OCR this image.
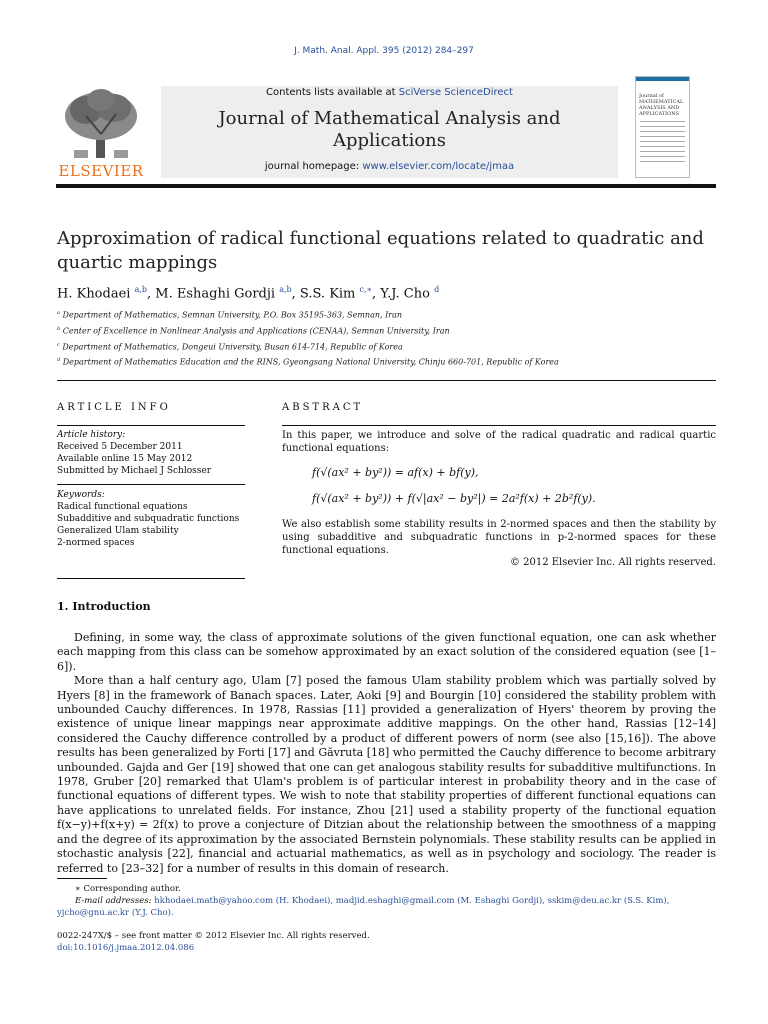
J. Math. Anal. Appl. 395 (2012) 284–297
ELSEVIER
Contents lists available at SciVerse ScienceDirect
Journal of Mathematical Analysis and Applications
journal homepage: www.elsevier.com/locate/jmaa
Journal of MATHEMATICAL ANALYSIS AND APPLICATIONS
Approximation of radical functional equations related to quadratic and quartic mappings
H. Khodaei $^{a,b}$, M. Eshaghi Gordji $^{a,b}$, S.S. Kim $^{c,∗}$, Y.J. Cho $^d$
$^a$ Department of Mathematics, Semnan University, P.O. Box 35195-363, Semnan, Iran
$^b$ Center of Excellence in Nonlinear Analysis and Applications (CENAA), Semnan University, Iran
$^c$ Department of Mathematics, Dongeui University, Busan 614-714, Republic of Korea
$^d$ Department of Mathematics Education and the RINS, Gyeongsang National University, Chinju 660-701, Republic of Korea
ARTICLE INFO
Article history:
Received 5 December 2011
Available online 15 May 2012
Submitted by Michael J Schlosser
Keywords:
Radical functional equations
Subadditive and subquadratic functions
Generalized Ulam stability
2-normed spaces
ABSTRACT
In this paper, we introduce and solve of the radical quadratic and radical quartic functional equations:
f(√(ax² + by²)) = af(x) + bf(y),
f(√(ax² + by²)) + f(√|ax² − by²|) = 2a²f(x) + 2b²f(y).
We also establish some stability results in 2-normed spaces and then the stability by using subadditive and subquadratic functions in p-2-normed spaces for these functional equations.
© 2012 Elsevier Inc. All rights reserved.
1. Introduction

Defining, in some way, the class of approximate solutions of the given functional equation, one can ask whether each mapping from this class can be somehow approximated by an exact solution of the considered equation (see [1–6]).

More than a half century ago, Ulam [7] posed the famous Ulam stability problem which was partially solved by Hyers [8] in the framework of Banach spaces. Later, Aoki [9] and Bourgin [10] considered the stability problem with unbounded Cauchy differences. In 1978, Rassias [11] provided a generalization of Hyers' theorem by proving the existence of unique linear mappings near approximate additive mappings. On the other hand, Rassias [12–14] considered the Cauchy difference controlled by a product of different powers of norm (see also [15,16]). The above results has been generalized by Forti [17] and Găvruta [18] who permitted the Cauchy difference to become arbitrary unbounded. Gajda and Ger [19] showed that one can get analogous stability results for subadditive multifunctions. In 1978, Gruber [20] remarked that Ulam's problem is of particular interest in probability theory and in the case of functional equations of different types. We wish to note that stability properties of different functional equations can have applications to unrelated fields. For instance, Zhou [21] used a stability property of the functional equation f(x−y)+f(x+y) = 2f(x) to prove a conjecture of Ditzian about the relationship between the smoothness of a mapping and the degree of its approximation by the associated Bernstein polynomials. These stability results can be applied in stochastic analysis [22], financial and actuarial mathematics, as well as in psychology and sociology. The reader is referred to [23–32] for a number of results in this domain of research.

∗ Corresponding author.
E-mail addresses: hkhodaei.math@yahoo.com (H. Khodaei), madjid.eshaghi@gmail.com (M. Eshaghi Gordji), sskim@deu.ac.kr (S.S. Kim),
yjcho@gnu.ac.kr (Y.J. Cho).
0022-247X/$ – see front matter © 2012 Elsevier Inc. All rights reserved.
doi:10.1016/j.jmaa.2012.04.086
